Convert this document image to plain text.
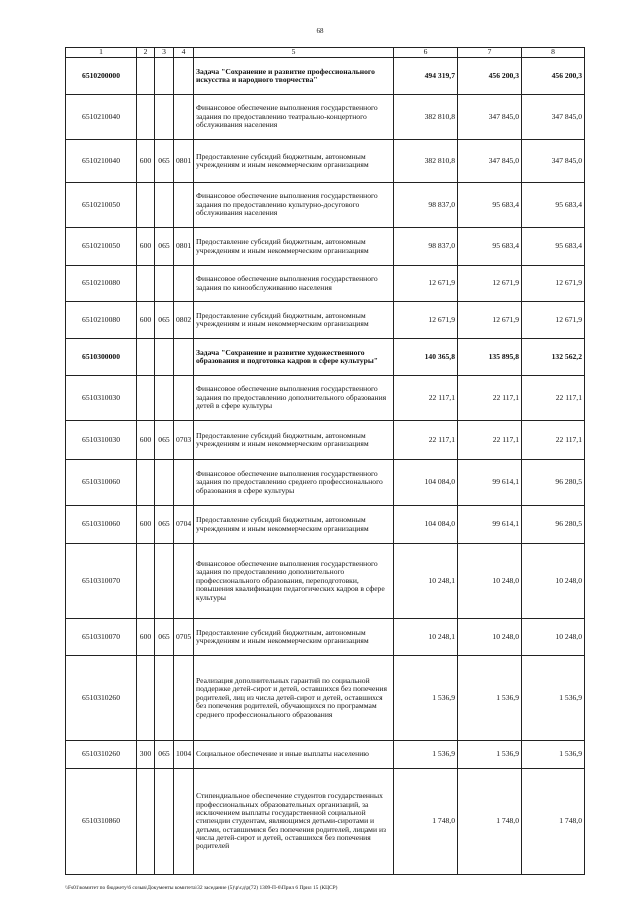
68
1	2	3	4	5	6	7	8
6510200000				Задача "Сохранение и развитие профессионального искусства и народного творчества"	494 319,7	456 200,3	456 200,3
6510210040				Финансовое обеспечение выполнения государственного задания по предоставлению театрально-концертного обслуживания населения	382 810,8	347 845,0	347 845,0
6510210040	600	065	0801	Предоставление субсидий бюджетным, автономным учреждениям и иным некоммерческим организациям	382 810,8	347 845,0	347 845,0
6510210050				Финансовое обеспечение выполнения государственного задания по предоставлению культурно-досугового обслуживания населения	98 837,0	95 683,4	95 683,4
6510210050	600	065	0801	Предоставление субсидий бюджетным, автономным учреждениям и иным некоммерческим организациям	98 837,0	95 683,4	95 683,4
6510210080				Финансовое обеспечение выполнения государственного задания по кинообслуживанию населения	12 671,9	12 671,9	12 671,9
6510210080	600	065	0802	Предоставление субсидий бюджетным, автономным учреждениям и иным некоммерческим организациям	12 671,9	12 671,9	12 671,9
6510300000				Задача "Сохранение и развитие художественного образования и подготовка кадров в сфере культуры"	140 365,8	135 895,8	132 562,2
6510310030				Финансовое обеспечение выполнения государственного задания по предоставлению дополнительного образования детей в сфере культуры	22 117,1	22 117,1	22 117,1
6510310030	600	065	0703	Предоставление субсидий бюджетным, автономным учреждениям и иным некоммерческим организациям	22 117,1	22 117,1	22 117,1
6510310060				Финансовое обеспечение выполнения государственного задания по предоставлению среднего профессионального образования в сфере культуры	104 084,0	99 614,1	96 280,5
6510310060	600	065	0704	Предоставление субсидий бюджетным, автономным учреждениям и иным некоммерческим организациям	104 084,0	99 614,1	96 280,5
6510310070				Финансовое обеспечение выполнения государственного задания по предоставлению дополнительного профессионального образования, переподготовки, повышения квалификации педагогических кадров в сфере культуры	10 248,1	10 248,0	10 248,0
6510310070	600	065	0705	Предоставление субсидий бюджетным, автономным учреждениям и иным некоммерческим организациям	10 248,1	10 248,0	10 248,0
6510310260				Реализация дополнительных гарантий по социальной поддержке детей-сирот и детей, оставшихся без попечения родителей, лиц из числа детей-сирот и детей, оставшихся без попечения родителей, обучающихся по программам среднего профессионального образования	1 536,9	1 536,9	1 536,9
6510310260	300	065	1004	Социальное обеспечение и иные выплаты населению	1 536,9	1 536,9	1 536,9
6510310860				Стипендиальное обеспечение студентов государственных профессиональных образовательных организаций, за исключением выплаты государственной социальной стипендии студентам, являющимся детьми-сиротами и детьми, оставшимися без попечения родителей, лицами из числа детей-сирот и детей, оставшихся без попечения родителей	1 748,0	1 748,0	1 748,0
\\Fs01\комитет по бюджету\6 созыв\Документы комитета\32 заседание (5)\р\сд\р(72) 1309-П-6\Прил 6 Прил 15 (КЦСР)
